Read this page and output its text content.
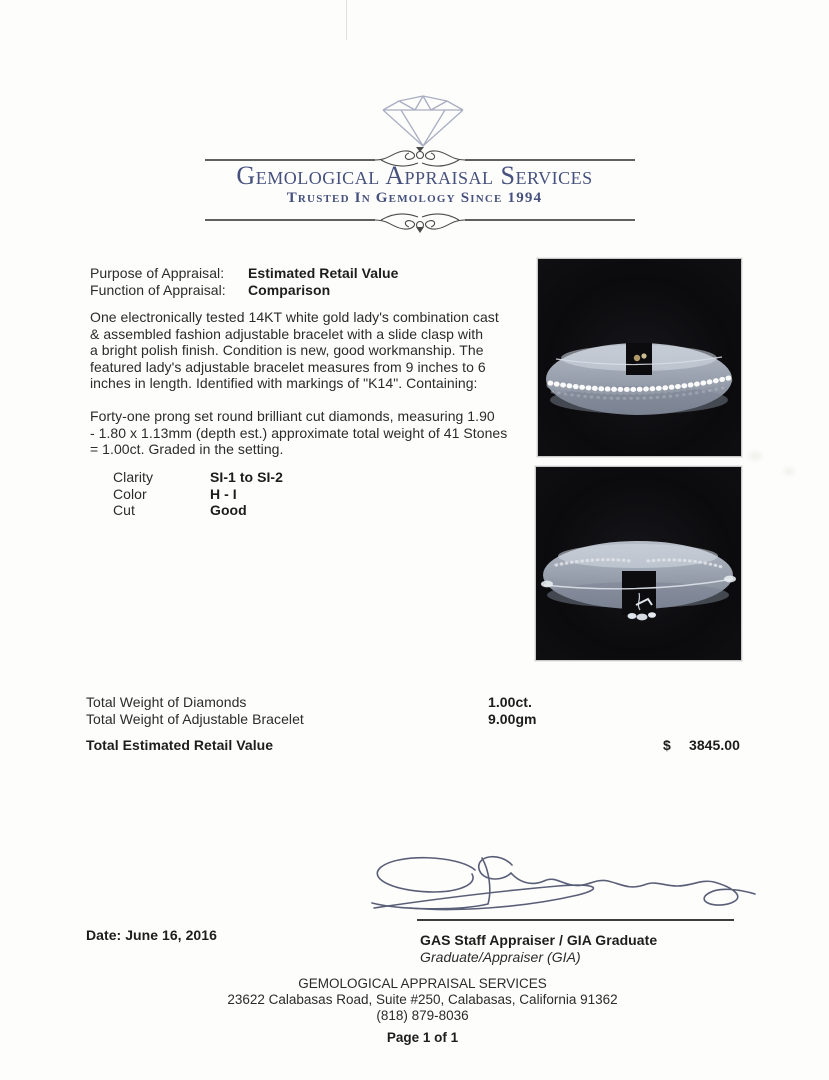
Gemological Appraisal Services
Trusted In Gemology Since 1994
Purpose of Appraisal:	Estimated Retail Value
Function of Appraisal:	Comparison
One electronically tested 14KT white gold lady's combination cast
& assembled fashion adjustable bracelet with a slide clasp with
a bright polish finish. Condition is new, good workmanship. The
featured lady's adjustable bracelet measures from 9 inches to 6
inches in length. Identified with markings of "K14". Containing:
Forty-one prong set round brilliant cut diamonds, measuring 1.90
- 1.80 x 1.13mm (depth est.) approximate total weight of 41 Stones
= 1.00ct. Graded in the setting.
Clarity	SI-1 to SI-2
Color	H - I
Cut	Good
Total Weight of Diamonds	1.00ct.
Total Weight of Adjustable Bracelet	9.00gm
Total Estimated Retail Value	$ 3845.00
Date: June 16, 2016	GAS Staff Appraiser / GIA Graduate
Graduate/Appraiser (GIA)
GEMOLOGICAL APPRAISAL SERVICES
23622 Calabasas Road, Suite #250, Calabasas, California 91362
(818) 879-8036
Page 1 of 1
